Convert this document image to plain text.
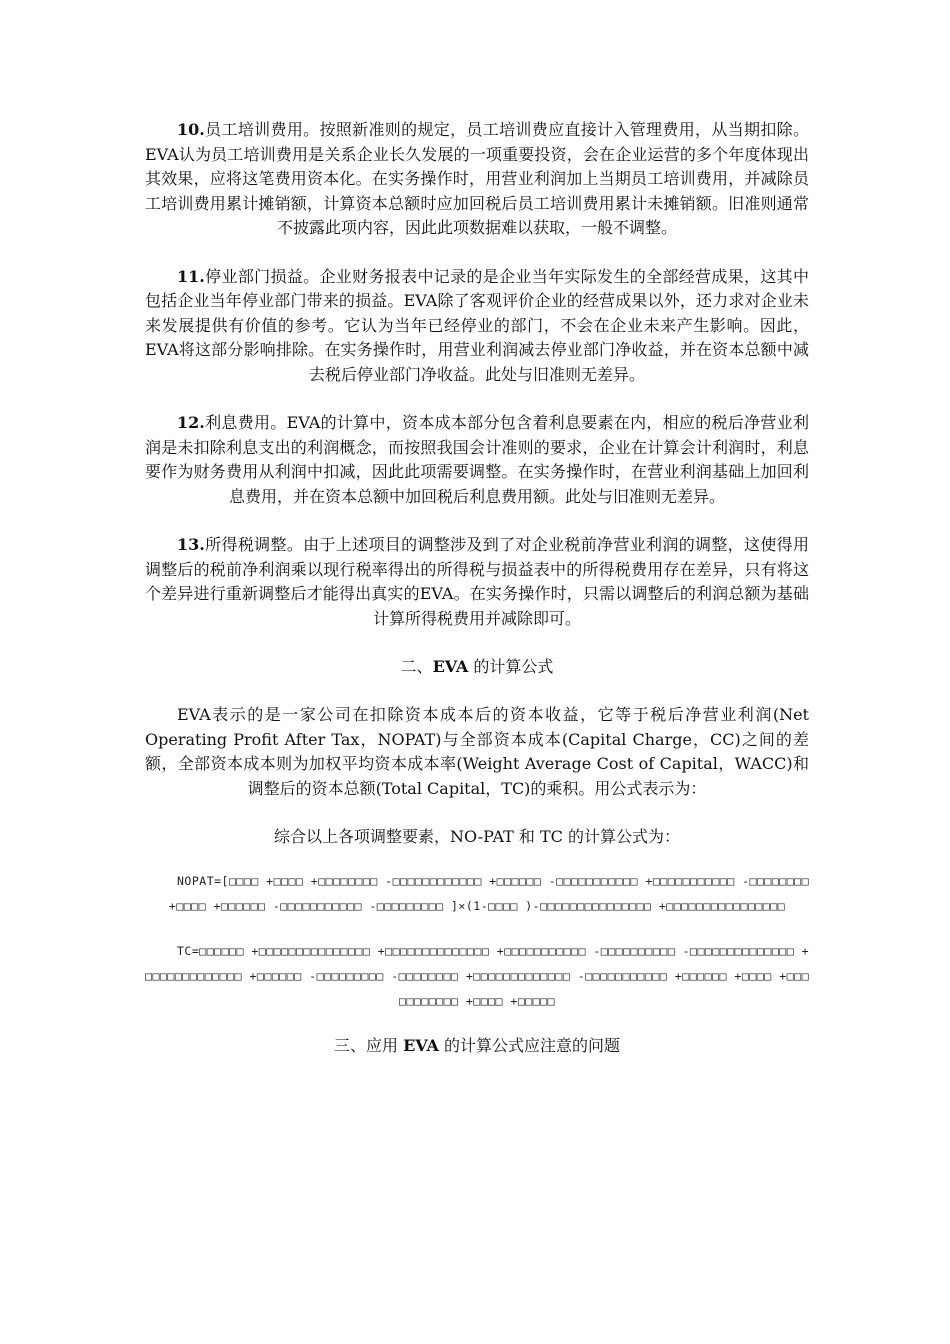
10.员工培训费用。按照新准则的规定，员工培训费应直接计入管理费用，从当期扣除。EVA认为员工培训费用是关系企业长久发展的一项重要投资，会在企业运营的多个年度体现出其效果，应将这笔费用资本化。在实务操作时，用营业利润加上当期员工培训费用，并减除员工培训费用累计摊销额，计算资本总额时应加回税后员工培训费用累计未摊销额。旧准则通常不披露此项内容，因此此项数据难以获取，一般不调整。

11.停业部门损益。企业财务报表中记录的是企业当年实际发生的全部经营成果，这其中包括企业当年停业部门带来的损益。EVA除了客观评价企业的经营成果以外，还力求对企业未来发展提供有价值的参考。它认为当年已经停业的部门，不会在企业未来产生影响。因此，EVA将这部分影响排除。在实务操作时，用营业利润减去停业部门净收益，并在资本总额中减去税后停业部门净收益。此处与旧准则无差异。

12.利息费用。EVA的计算中，资本成本部分包含着利息要素在内，相应的税后净营业利润是未扣除利息支出的利润概念，而按照我国会计准则的要求，企业在计算会计利润时，利息要作为财务费用从利润中扣减，因此此项需要调整。在实务操作时，在营业利润基础上加回利息费用，并在资本总额中加回税后利息费用额。此处与旧准则无差异。

13.所得税调整。由于上述项目的调整涉及到了对企业税前净营业利润的调整，这使得用调整后的税前净利润乘以现行税率得出的所得税与损益表中的所得税费用存在差异，只有将这个差异进行重新调整后才能得出真实的EVA。在实务操作时，只需以调整后的利润总额为基础计算所得税费用并减除即可。

二、EVA 的计算公式

EVA表示的是一家公司在扣除资本成本后的资本收益，它等于税后净营业利润(Net Operating Profit After Tax，NOPAT)与全部资本成本(Capital Charge，CC)之间的差额，全部资本成本则为加权平均资本成本率(Weight Average Cost of Capital，WACC)和调整后的资本总额(Total Capital，TC)的乘积。用公式表示为：

综合以上各项调整要素，NO-PAT 和 TC 的计算公式为：

NOPAT=[□□□□ +□□□□ +□□□□□□□□ -□□□□□□□□□□□□ +□□□□□□ -□□□□□□□□□□□ +□□□□□□□□□□□ -□□□□□□□□ +□□□□ +□□□□□□ -□□□□□□□□□□□ -□□□□□□□□□ ]×(1-□□□□ )-□□□□□□□□□□□□□□□ +□□□□□□□□□□□□□□□□

TC=□□□□□□ +□□□□□□□□□□□□□□□ +□□□□□□□□□□□□□□ +□□□□□□□□□□□ -□□□□□□□□□□ -□□□□□□□□□□□□□□ +□□□□□□□□□□□□□ +□□□□□□ -□□□□□□□□□ -□□□□□□□□ +□□□□□□□□□□□□□ -□□□□□□□□□□□ +□□□□□□ +□□□□ +□□□□□□□□□□□ +□□□□ +□□□□□

三、应用 EVA 的计算公式应注意的问题
